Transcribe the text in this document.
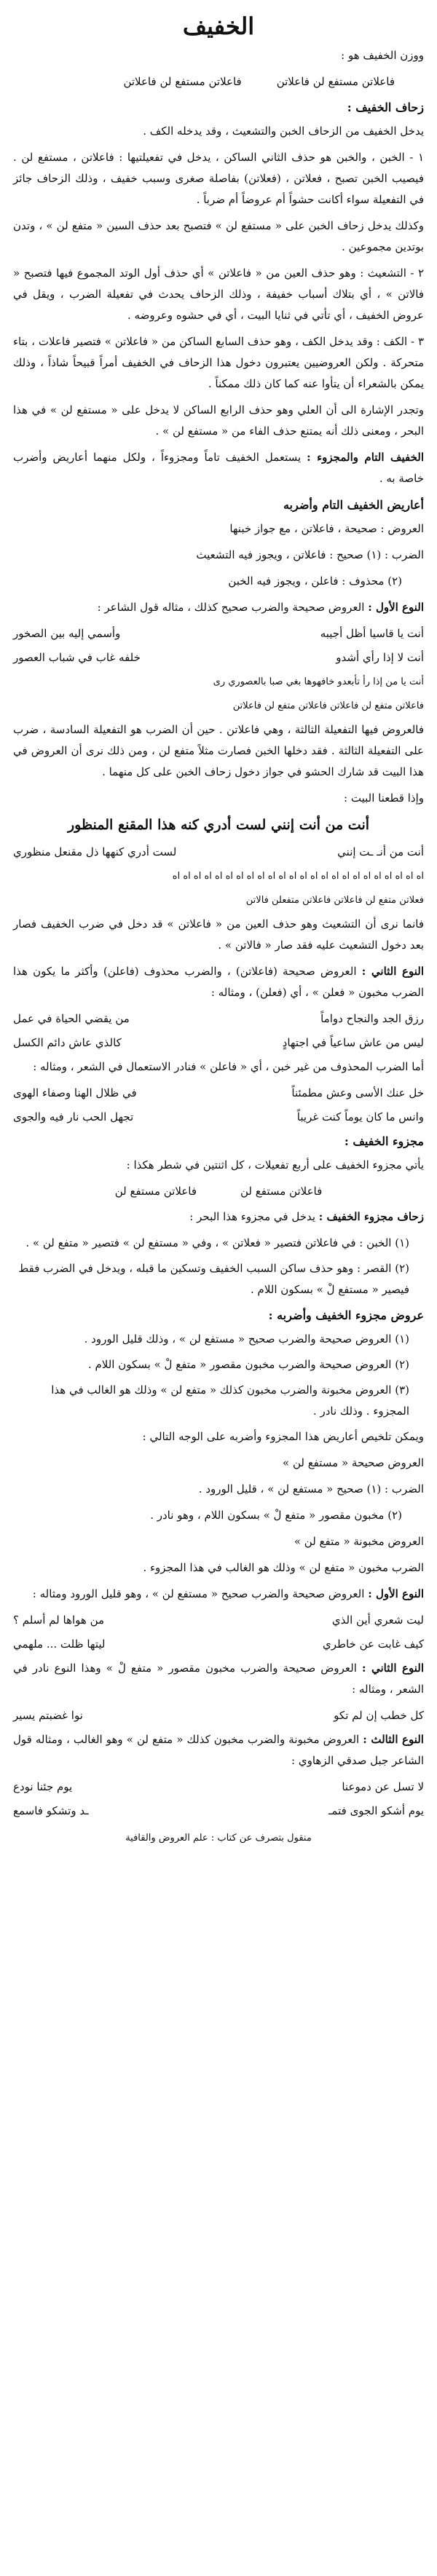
الخفيف
ووزن الخفيف هو :
فاعلاتن مستفع لن فاعلاتن
فاعلاتن مستفع لن فاعلاتن
زحاف الخفيف :
يدخل الخفيف من الزحاف الخبن والتشعيث ، وقد يدخله الكف .
١ - الخبن ، والخبن هو حذف الثاني الساكن ، يدخل في تفعيلتيها : فاعلاتن ، مستفع لن . فيصيب الخبن تصبح ، فعلاتن ، (فعلاتن) بفاصلة صغرى وسبب خفيف ، وذلك الزحاف جائز في التفعيلة سواء أكانت حشواً أم عروضاً أم ضرباً .
وكذلك يدخل زحاف الخبن على « مستفع لن » فتصبح بعد حذف السين « متفع لن » ، وتدن بوتدين مجموعين .
٢ - التشعيث : وهو حذف العين من « فاعلاتن » أي حذف أول الوتد المجموع فيها فتصبح « فالاتن » ، أي بتلاك أسباب خفيفة ، وذلك الزحاف يحدث في تفعيلة الضرب ، ويقل في عروض الخفيف ، أي تأتي في ثنايا البيت ، أي في حشوه وعروضه .
٣ - الكف : وقد يدخل الكف ، وهو حذف السابع الساكن من « فاعلاتن » فتصير فاعلات ، بتاء متحركة . ولكن العروضيين يعتبرون دخول هذا الزحاف في الخفيف أمراً قبيحاً شاذاً ، وذلك يمكن بالشعراء أن يتأوا عنه كما كان ذلك ممكناً .
وتجدر الإشارة الى أن العلي وهو حذف الرابع الساكن لا يدخل على « مستفع لن » في هذا البحر ، ومعنى ذلك أنه يمتنع حذف الفاء من « مستفع لن » .
الخفيف التام والمجزوء : يستعمل الخفيف تاماً ومجزوءاً ، ولكل منهما أعاريض وأضرب خاصة به .
أعاريض الخفيف التام وأضربه
العروض : صحيحة ، فاعلاتن ، مع جواز خبنها
الضرب : (١) صحيح : فاعلاتن ، ويجوز فيه التشعيث
(٢) محذوف : فاعلن ، ويجوز فيه الخبن
النوع الأول : العروض صحيحة والضرب صحيح كذلك ، مثاله قول الشاعر :
أنت يا قاسيا أظل أجيبه
وأسمي إليه بين الصخور
أنت لا إذا رأي أشدو
خلفه غاب في شباب العصور
أنت يا من إذا رأ تأبعدو خافهوها بغي صبا بالعصوري رى
فاعلاتن متفع لن فاعلاتن فاعلاتن متفع لن فاعلاتن
فالعروض فيها التفعيلة الثالثة ، وهي فاعلاتن . حين أن الضرب هو التفعيلة السادسة ، ضرب على التفعيلة الثالثة . فقد دخلها الخبن فصارت مثلاً متفع لن ، ومن ذلك نرى أن العروض في هذا البيت قد شارك الحشو في جواز دخول زحاف الخبن على كل منهما .
وإذا قطعنا البيت :
أنت من أنت إنني لست أدري كنه هذا المقنع المنظور
أنت من أنـ ـت إنني
لست أدري كنهها ذل مقنعل منظوري
اه اه اه اه اه اه اه اه اه اه اه اه اه اه اه اه اه اه اه اه اه اه اه اه
فعلاتن متفع لن فاعلاتن فاعلاتن متفعلن فالاتن
فانما نرى أن التشعيث وهو حذف العين من « فاعلاتن » قد دخل في ضرب الخفيف فصار بعد دخول التشعيث عليه فقد صار « فالاتن » .
النوع الثاني : العروض صحيحة (فاعلاتن) ، والضرب محذوف (فاعلن) وأكثر ما يكون هذا الضرب مخبون « فعلن » ، أي (فعلن) ، ومثاله :
رزق الجد والنجاح دواماً
من يقضي الحياة في عمل
ليس من عاش ساعياً في اجتهادٍ
كالذي عاش دائم الكسل
أما الضرب المحذوف من غير خبن ، أي « فاعلن » فنادر الاستعمال في الشعر ، ومثاله :
خل عنك الأسى وعش مطمئناً
في ظلال الهنا وصفاء الهوى
وانس ما كان يوماً كنت غريباً
تجهل الحب نار فيه والجوى
مجزوء الخفيف :
يأتي مجزوء الخفيف على أربع تفعيلات ، كل اثنتين في شطر هكذا :
فاعلاتن مستفع لن
فاعلاتن مستفع لن
زحاف مجزوء الخفيف : يدخل في مجزوء هذا البحر :
(١) الخبن : في فاعلاتن فتصير « فعلاتن » ، وفي « مستفع لن » فتصير « متفع لن » .
(٢) القصر : وهو حذف ساكن السبب الخفيف وتسكين ما قبله ، ويدخل في الضرب فقط فيصير « مستفع لْ » بسكون اللام .
عروض مجزوء الخفيف وأضربه :
(١) العروض صحيحة والضرب صحيح « مستفع لن » ، وذلك قليل الورود .
(٢) العروض صحيحة والضرب مخبون مقصور « متفع لْ » بسكون اللام .
(٣) العروض مخبونة والضرب مخبون كذلك « متفع لن » وذلك هو الغالب في هذا المجزوء . وذلك نادر .
ويمكن تلخيص أعاريض هذا المجزوء وأضربه على الوجه التالي :
العروض صحيحة « مستفع لن »
الضرب : (١) صحيح « مستفع لن » ، قليل الورود .
(٢) مخبون مقصور « متفع لْ » بسكون اللام ، وهو نادر .
العروض مخبونة « متفع لن »
الضرب مخبون « متفع لن » وذلك هو الغالب في هذا المجزوء .
النوع الأول : العروض صحيحة والضرب صحيح « مستفع لن » ، وهو قليل الورود ومثاله :
ليت شعري أين الذي
من هواها لم أسلم ؟
كيف غابت عن خاطري
ليتها ظلت ... ملهمي
النوع الثاني : العروض صحيحة والضرب مخبون مقصور « متفع لْ » وهذا النوع نادر في الشعر ، ومثاله :
كل خطب إن لم تكو
نوا غضبتم يسير
النوع الثالث : العروض مخبونة والضرب مخبون كذلك « متفع لن » وهو الغالب ، ومثاله قول الشاعر جبل صدقي الزهاوي :
لا تسل عن دموعنا
يوم جئنا نودع
يوم أشكو الجوى فتمـ
ـد وتشكو فاسمع
منقول بتصرف عن كتاب : علم العروض والقافية
